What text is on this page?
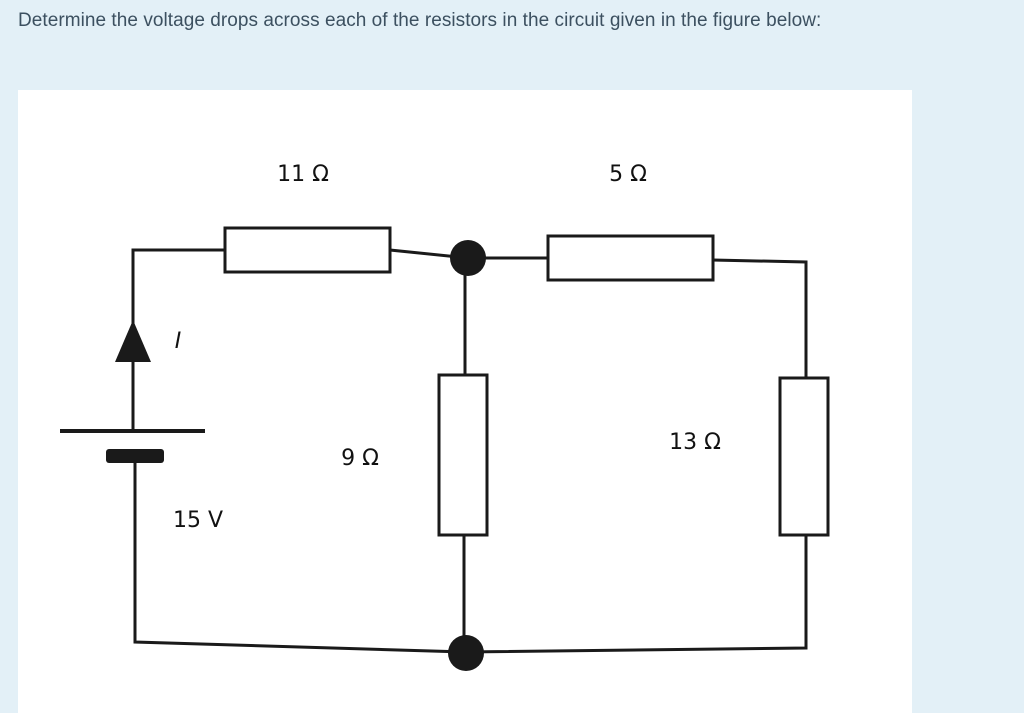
Determine the voltage drops across each of the resistors in the circuit given in the figure below:
11 Ω	5 Ω
9 Ω
13 Ω
15 V
I
